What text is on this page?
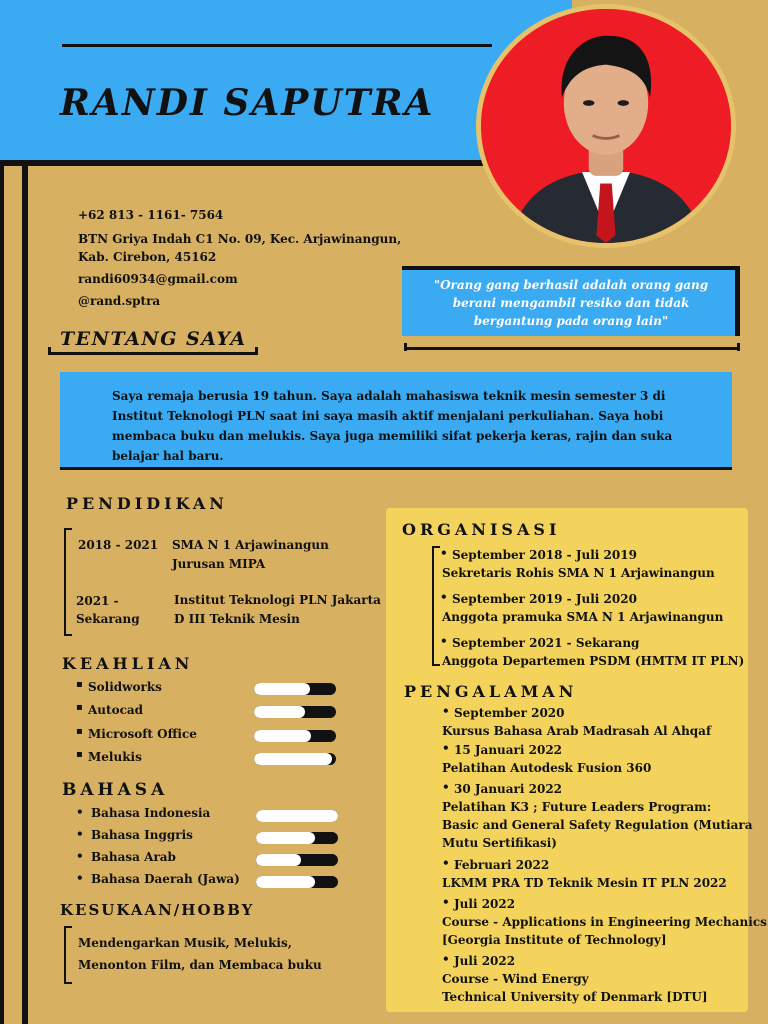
RANDI SAPUTRA
+62 813 - 1161- 7564
BTN Griya Indah C1 No. 09, Kec. Arjawinangun, Kab. Cirebon, 45162
randi60934@gmail.com
@rand.sptra
"Orang gang berhasil adalah orang gang berani mengambil resiko dan tidak bergantung pada orang lain"
TENTANG SAYA
Saya remaja berusia 19 tahun. Saya adalah mahasiswa teknik mesin semester 3 di Institut Teknologi PLN saat ini saya masih aktif menjalani perkuliahan. Saya hobi membaca buku dan melukis. Saya juga memiliki sifat pekerja keras, rajin dan suka belajar hal baru.
PENDIDIKAN
2018 - 2021 SMA N 1 Arjawinangun
Jurusan MIPA
2021 - Sekarang
Institut Teknologi PLN Jakarta
D III Teknik Mesin
KEAHLIAN
Solidworks
▪
Autocad
▪
Microsoft Office
▪
Melukis
▪
BAHASA
• Bahasa Indonesia
• Bahasa Inggris
• Bahasa Arab
• Bahasa Daerah (Jawa)
KESUKAAN/HOBBY
Mendengarkan Musik, Melukis,
Menonton Film, dan Membaca buku
ORGANISASI
• September 2018 - Juli 2019
Sekretaris Rohis SMA N 1 Arjawinangun
• September 2019 - Juli 2020
Anggota pramuka SMA N 1 Arjawinangun
• September 2021 - Sekarang
Anggota Departemen PSDM (HMTM IT PLN)
PENGALAMAN
• September 2020
Kursus Bahasa Arab Madrasah Al Ahqaf
• 15 Januari 2022
Pelatihan Autodesk Fusion 360
• 30 Januari 2022
Pelatihan K3 ; Future Leaders Program:
Basic and General Safety Regulation (Mutiara
Mutu Sertifikasi)
• Februari 2022
LKMM PRA TD Teknik Mesin IT PLN 2022
• Juli 2022
Course - Applications in Engineering Mechanics
[Georgia Institute of Technology]
• Juli 2022
Course - Wind Energy
Technical University of Denmark [DTU]
